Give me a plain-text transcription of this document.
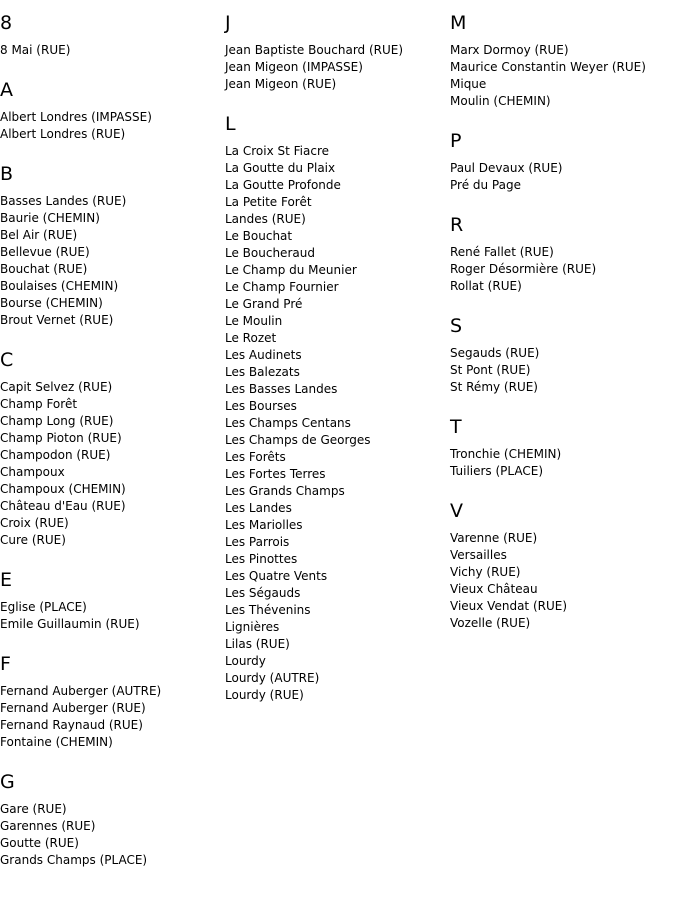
8
8 Mai (RUE)
A
Albert Londres (IMPASSE)
Albert Londres (RUE)
B
Basses Landes (RUE)
Baurie (CHEMIN)
Bel Air (RUE)
Bellevue (RUE)
Bouchat (RUE)
Boulaises (CHEMIN)
Bourse (CHEMIN)
Brout Vernet (RUE)
C
Capit Selvez (RUE)
Champ Forêt
Champ Long (RUE)
Champ Pioton (RUE)
Champodon (RUE)
Champoux
Champoux (CHEMIN)
Château d'Eau (RUE)
Croix (RUE)
Cure (RUE)
E
Eglise (PLACE)
Emile Guillaumin (RUE)
F
Fernand Auberger (AUTRE)
Fernand Auberger (RUE)
Fernand Raynaud (RUE)
Fontaine (CHEMIN)
G
Gare (RUE)
Garennes (RUE)
Goutte (RUE)
Grands Champs (PLACE)
J
Jean Baptiste Bouchard (RUE)
Jean Migeon (IMPASSE)
Jean Migeon (RUE)
L
La Croix St Fiacre
La Goutte du Plaix
La Goutte Profonde
La Petite Forêt
Landes (RUE)
Le Bouchat
Le Boucheraud
Le Champ du Meunier
Le Champ Fournier
Le Grand Pré
Le Moulin
Le Rozet
Les Audinets
Les Balezats
Les Basses Landes
Les Bourses
Les Champs Centans
Les Champs de Georges
Les Forêts
Les Fortes Terres
Les Grands Champs
Les Landes
Les Mariolles
Les Parrois
Les Pinottes
Les Quatre Vents
Les Ségauds
Les Thévenins
Lignières
Lilas (RUE)
Lourdy
Lourdy (AUTRE)
Lourdy (RUE)
M
Marx Dormoy (RUE)
Maurice Constantin Weyer (RUE)
Mique
Moulin (CHEMIN)
P
Paul Devaux (RUE)
Pré du Page
R
René Fallet (RUE)
Roger Désormière (RUE)
Rollat (RUE)
S
Segauds (RUE)
St Pont (RUE)
St Rémy (RUE)
T
Tronchie (CHEMIN)
Tuiliers (PLACE)
V
Varenne (RUE)
Versailles
Vichy (RUE)
Vieux Château
Vieux Vendat (RUE)
Vozelle (RUE)
